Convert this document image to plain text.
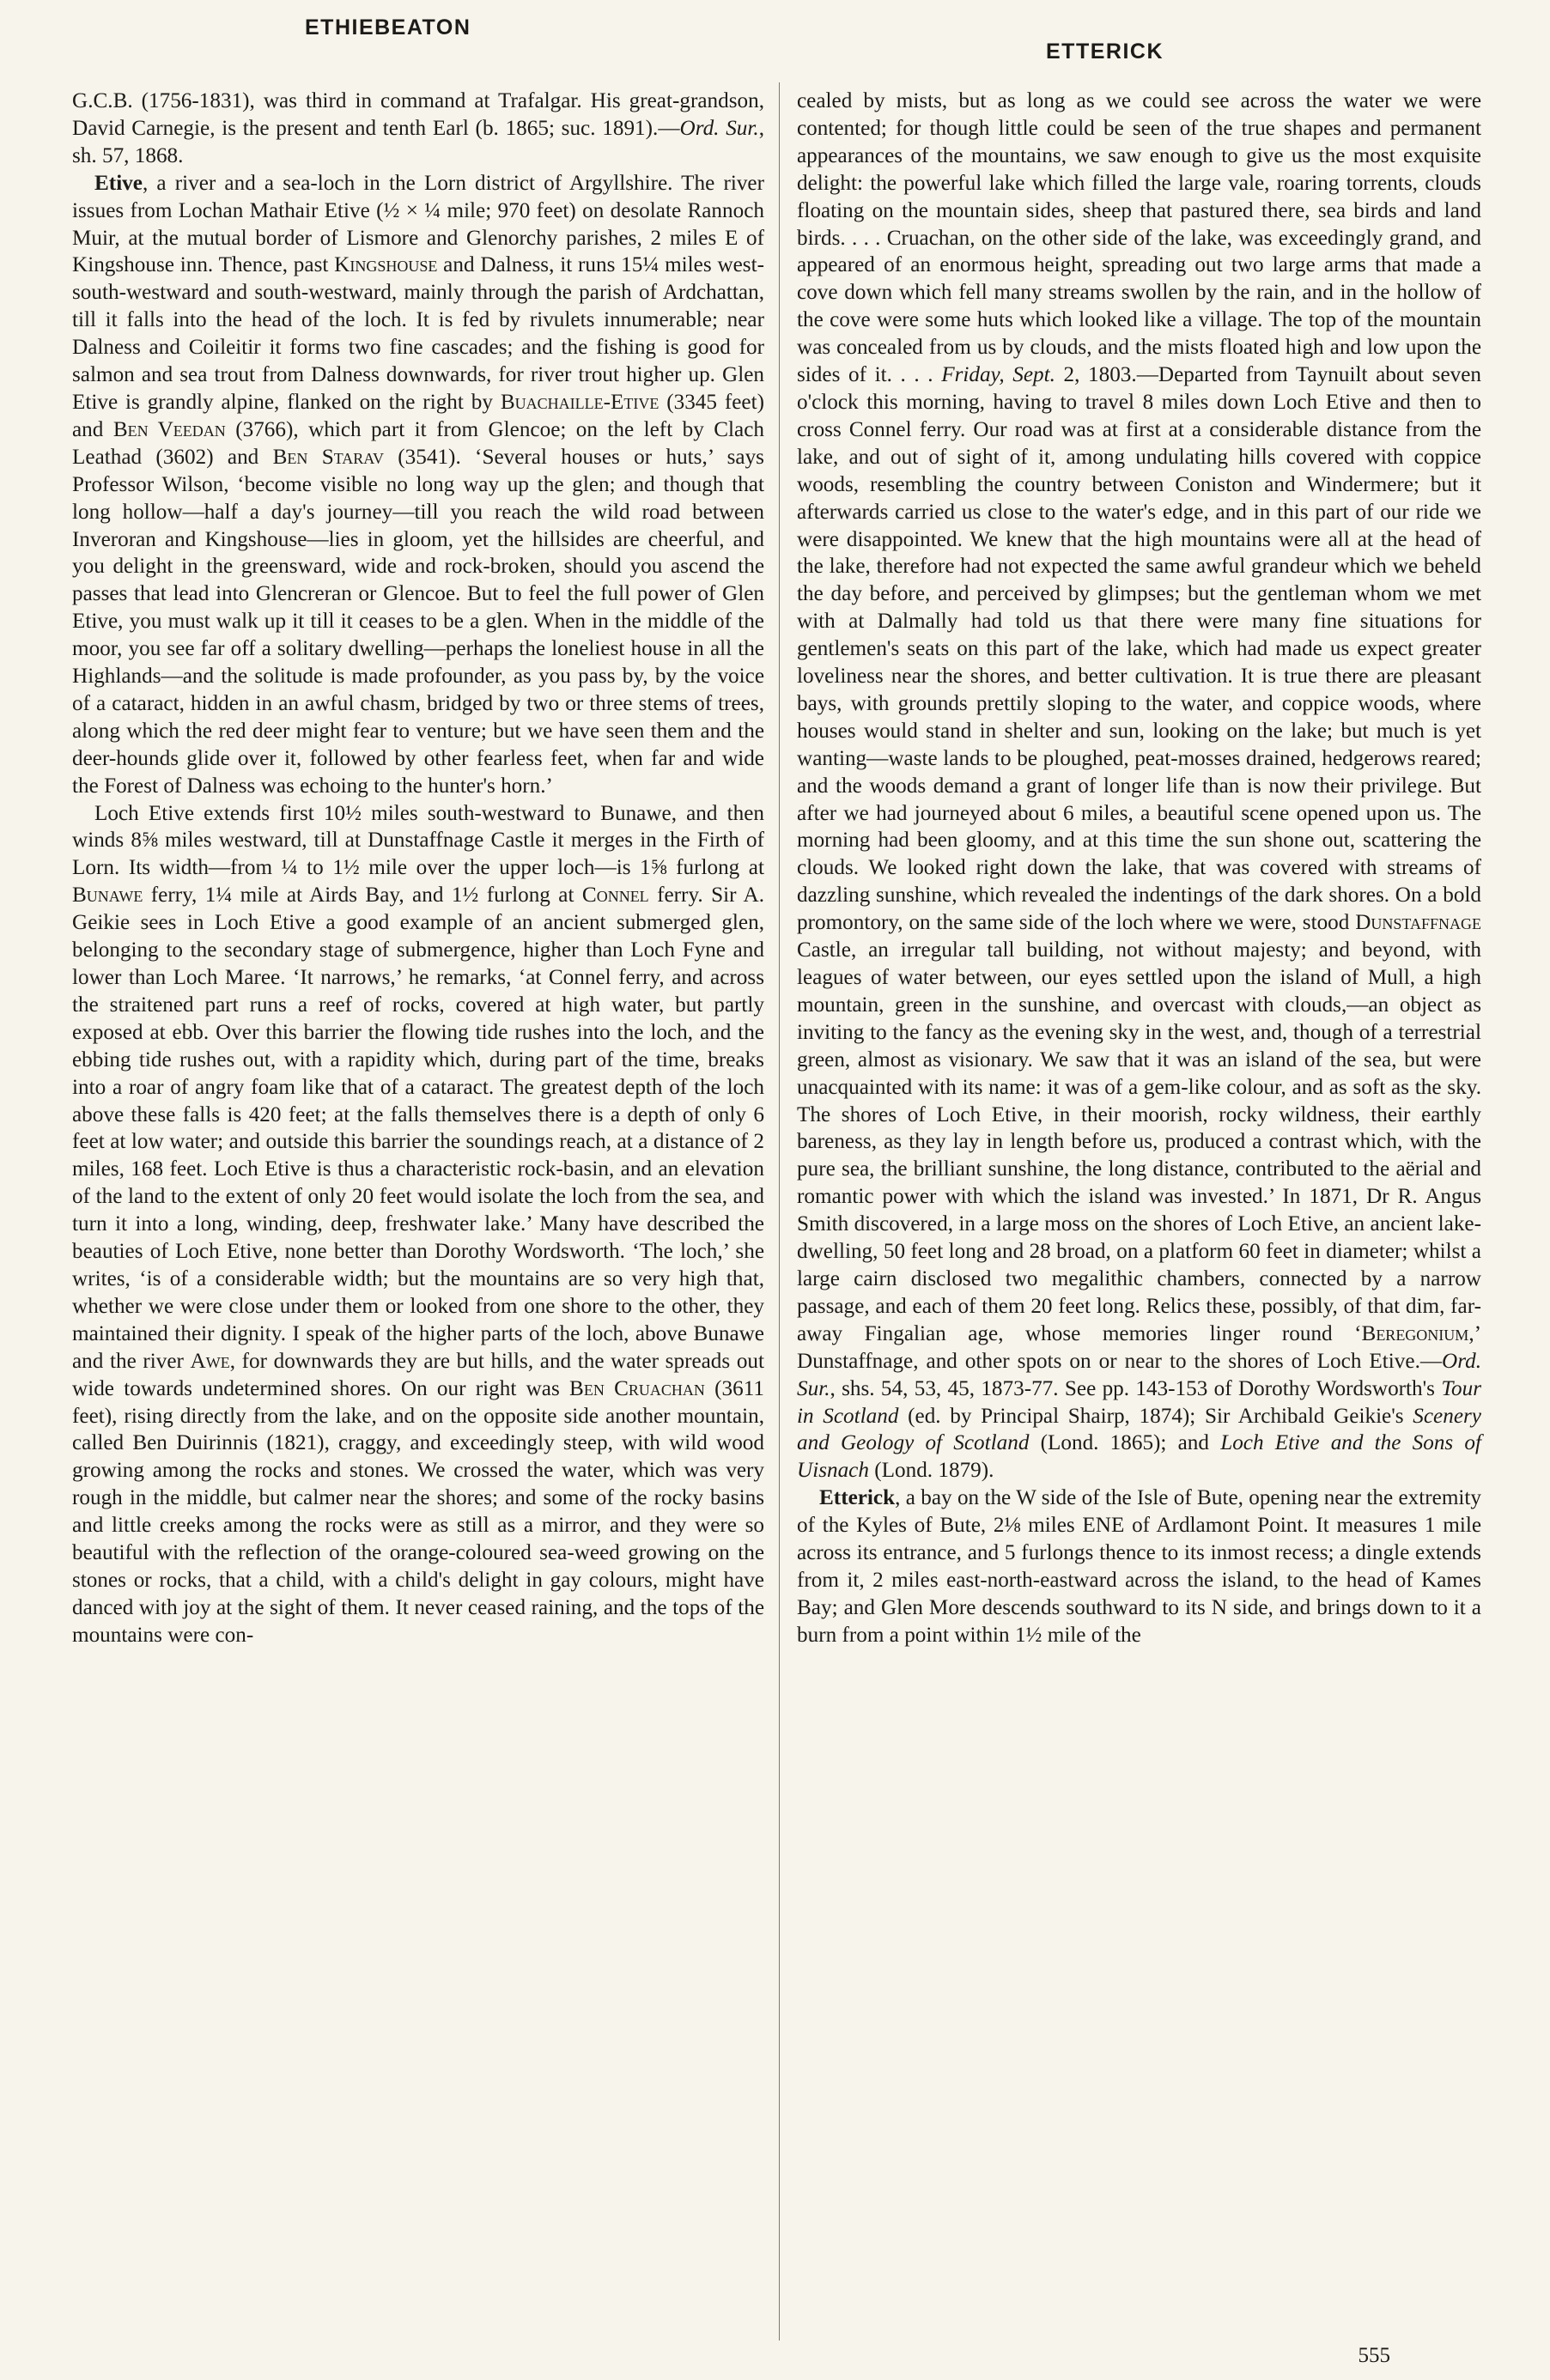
ETHIEBEATON
ETTERICK

G.C.B. (1756-1831), was third in command at Trafalgar. His great-grandson, David Carnegie, is the present and tenth Earl (b. 1865; suc. 1891).—Ord. Sur., sh. 57, 1868.

Etive, a river and a sea-loch in the Lorn district of Argyllshire. The river issues from Lochan Mathair Etive (½ × ¼ mile; 970 feet) on desolate Rannoch Muir, at the mutual border of Lismore and Glenorchy parishes, 2 miles E of Kingshouse inn. Thence, past Kingshouse and Dalness, it runs 15¼ miles west-south-westward and south-westward, mainly through the parish of Ardchattan, till it falls into the head of the loch. It is fed by rivulets innumerable; near Dalness and Coileitir it forms two fine cascades; and the fishing is good for salmon and sea trout from Dalness downwards, for river trout higher up. Glen Etive is grandly alpine, flanked on the right by Buachaille-Etive (3345 feet) and Ben Veedan (3766), which part it from Glencoe; on the left by Clach Leathad (3602) and Ben Starav (3541). ‘Several houses or huts,’ says Professor Wilson, ‘become visible no long way up the glen; and though that long hollow—half a day's journey—till you reach the wild road between Inveroran and Kingshouse—lies in gloom, yet the hillsides are cheerful, and you delight in the greensward, wide and rock-broken, should you ascend the passes that lead into Glencreran or Glencoe. But to feel the full power of Glen Etive, you must walk up it till it ceases to be a glen. When in the middle of the moor, you see far off a solitary dwelling—perhaps the loneliest house in all the Highlands—and the solitude is made profounder, as you pass by, by the voice of a cataract, hidden in an awful chasm, bridged by two or three stems of trees, along which the red deer might fear to venture; but we have seen them and the deer-hounds glide over it, followed by other fearless feet, when far and wide the Forest of Dalness was echoing to the hunter's horn.’

Loch Etive extends first 10½ miles south-westward to Bunawe, and then winds 8⅝ miles westward, till at Dunstaffnage Castle it merges in the Firth of Lorn. Its width—from ¼ to 1½ mile over the upper loch—is 1⅝ furlong at Bunawe ferry, 1¼ mile at Airds Bay, and 1½ furlong at Connel ferry. Sir A. Geikie sees in Loch Etive a good example of an ancient submerged glen, belonging to the secondary stage of submergence, higher than Loch Fyne and lower than Loch Maree. ‘It narrows,’ he remarks, ‘at Connel ferry, and across the straitened part runs a reef of rocks, covered at high water, but partly exposed at ebb. Over this barrier the flowing tide rushes into the loch, and the ebbing tide rushes out, with a rapidity which, during part of the time, breaks into a roar of angry foam like that of a cataract. The greatest depth of the loch above these falls is 420 feet; at the falls themselves there is a depth of only 6 feet at low water; and outside this barrier the soundings reach, at a distance of 2 miles, 168 feet. Loch Etive is thus a characteristic rock-basin, and an elevation of the land to the extent of only 20 feet would isolate the loch from the sea, and turn it into a long, winding, deep, freshwater lake.’ Many have described the beauties of Loch Etive, none better than Dorothy Wordsworth. ‘The loch,’ she writes, ‘is of a considerable width; but the mountains are so very high that, whether we were close under them or looked from one shore to the other, they maintained their dignity. I speak of the higher parts of the loch, above Bunawe and the river Awe, for downwards they are but hills, and the water spreads out wide towards undetermined shores. On our right was Ben Cruachan (3611 feet), rising directly from the lake, and on the opposite side another mountain, called Ben Duirinnis (1821), craggy, and exceedingly steep, with wild wood growing among the rocks and stones. We crossed the water, which was very rough in the middle, but calmer near the shores; and some of the rocky basins and little creeks among the rocks were as still as a mirror, and they were so beautiful with the reflection of the orange-coloured sea-weed growing on the stones or rocks, that a child, with a child's delight in gay colours, might have danced with joy at the sight of them. It never ceased raining, and the tops of the mountains were con-

cealed by mists, but as long as we could see across the water we were contented; for though little could be seen of the true shapes and permanent appearances of the mountains, we saw enough to give us the most exquisite delight: the powerful lake which filled the large vale, roaring torrents, clouds floating on the mountain sides, sheep that pastured there, sea birds and land birds. . . . Cruachan, on the other side of the lake, was exceedingly grand, and appeared of an enormous height, spreading out two large arms that made a cove down which fell many streams swollen by the rain, and in the hollow of the cove were some huts which looked like a village. The top of the mountain was concealed from us by clouds, and the mists floated high and low upon the sides of it. . . . Friday, Sept. 2, 1803.—Departed from Taynuilt about seven o'clock this morning, having to travel 8 miles down Loch Etive and then to cross Connel ferry. Our road was at first at a considerable distance from the lake, and out of sight of it, among undulating hills covered with coppice woods, resembling the country between Coniston and Windermere; but it afterwards carried us close to the water's edge, and in this part of our ride we were disappointed. We knew that the high mountains were all at the head of the lake, therefore had not expected the same awful grandeur which we beheld the day before, and perceived by glimpses; but the gentleman whom we met with at Dalmally had told us that there were many fine situations for gentlemen's seats on this part of the lake, which had made us expect greater loveliness near the shores, and better cultivation. It is true there are pleasant bays, with grounds prettily sloping to the water, and coppice woods, where houses would stand in shelter and sun, looking on the lake; but much is yet wanting—waste lands to be ploughed, peat-mosses drained, hedgerows reared; and the woods demand a grant of longer life than is now their privilege. But after we had journeyed about 6 miles, a beautiful scene opened upon us. The morning had been gloomy, and at this time the sun shone out, scattering the clouds. We looked right down the lake, that was covered with streams of dazzling sunshine, which revealed the indentings of the dark shores. On a bold promontory, on the same side of the loch where we were, stood Dunstaffnage Castle, an irregular tall building, not without majesty; and beyond, with leagues of water between, our eyes settled upon the island of Mull, a high mountain, green in the sunshine, and overcast with clouds,—an object as inviting to the fancy as the evening sky in the west, and, though of a terrestrial green, almost as visionary. We saw that it was an island of the sea, but were unacquainted with its name: it was of a gem-like colour, and as soft as the sky. The shores of Loch Etive, in their moorish, rocky wildness, their earthly bareness, as they lay in length before us, produced a contrast which, with the pure sea, the brilliant sunshine, the long distance, contributed to the aërial and romantic power with which the island was invested.’ In 1871, Dr R. Angus Smith discovered, in a large moss on the shores of Loch Etive, an ancient lake-dwelling, 50 feet long and 28 broad, on a platform 60 feet in diameter; whilst a large cairn disclosed two megalithic chambers, connected by a narrow passage, and each of them 20 feet long. Relics these, possibly, of that dim, far-away Fingalian age, whose memories linger round ‘Beregonium,’ Dunstaffnage, and other spots on or near to the shores of Loch Etive.—Ord. Sur., shs. 54, 53, 45, 1873-77. See pp. 143-153 of Dorothy Wordsworth's Tour in Scotland (ed. by Principal Shairp, 1874); Sir Archibald Geikie's Scenery and Geology of Scotland (Lond. 1865); and Loch Etive and the Sons of Uisnach (Lond. 1879).

Etterick, a bay on the W side of the Isle of Bute, opening near the extremity of the Kyles of Bute, 2⅛ miles ENE of Ardlamont Point. It measures 1 mile across its entrance, and 5 furlongs thence to its inmost recess; a dingle extends from it, 2 miles east-north-eastward across the island, to the head of Kames Bay; and Glen More descends southward to its N side, and brings down to it a burn from a point within 1½ mile of the

555
